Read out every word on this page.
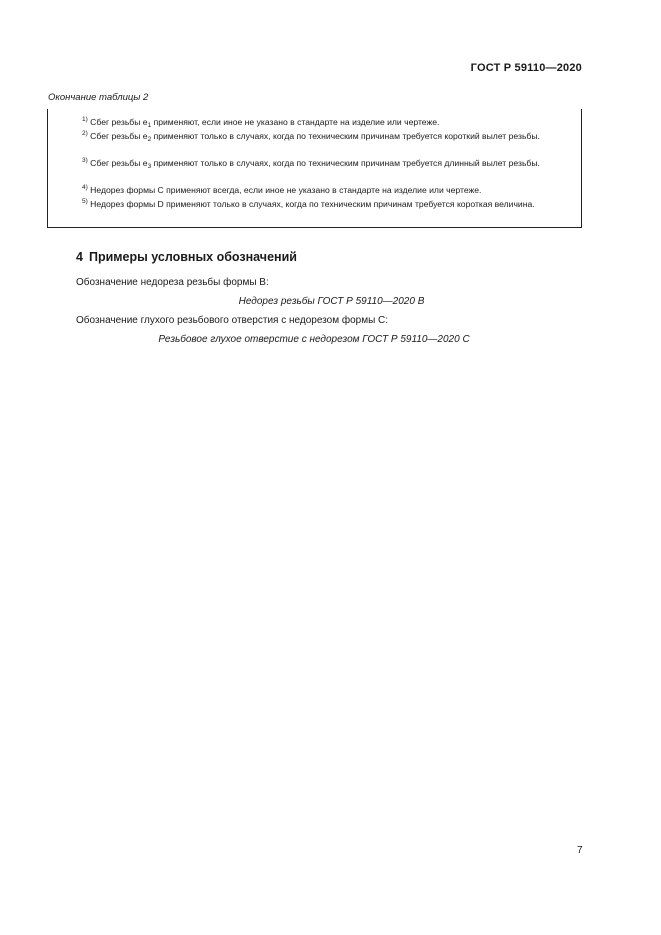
ГОСТ Р 59110—2020
Окончание таблицы 2
$^{1)}$ Сбег резьбы $e_1$ применяют, если иное не указано в стандарте на изделие или чертеже.
$^{2)}$ Сбег резьбы $e_2$ применяют только в случаях, когда по техническим причинам требуется короткий вылет резьбы.
$^{3)}$ Сбег резьбы $e_3$ применяют только в случаях, когда по техническим причинам требуется длинный вылет резьбы.
$^{4)}$ Недорез формы С применяют всегда, если иное не указано в стандарте на изделие или чертеже.
$^{5)}$ Недорез формы D применяют только в случаях, когда по техническим причинам требуется короткая величина.
4 Примеры условных обозначений
Обозначение недореза резьбы формы В:
Недорез резьбы ГОСТ Р 59110—2020 В
Обозначение глухого резьбового отверстия с недорезом формы С:
Резьбовое глухое отверстие с недорезом ГОСТ Р 59110—2020 С
7
